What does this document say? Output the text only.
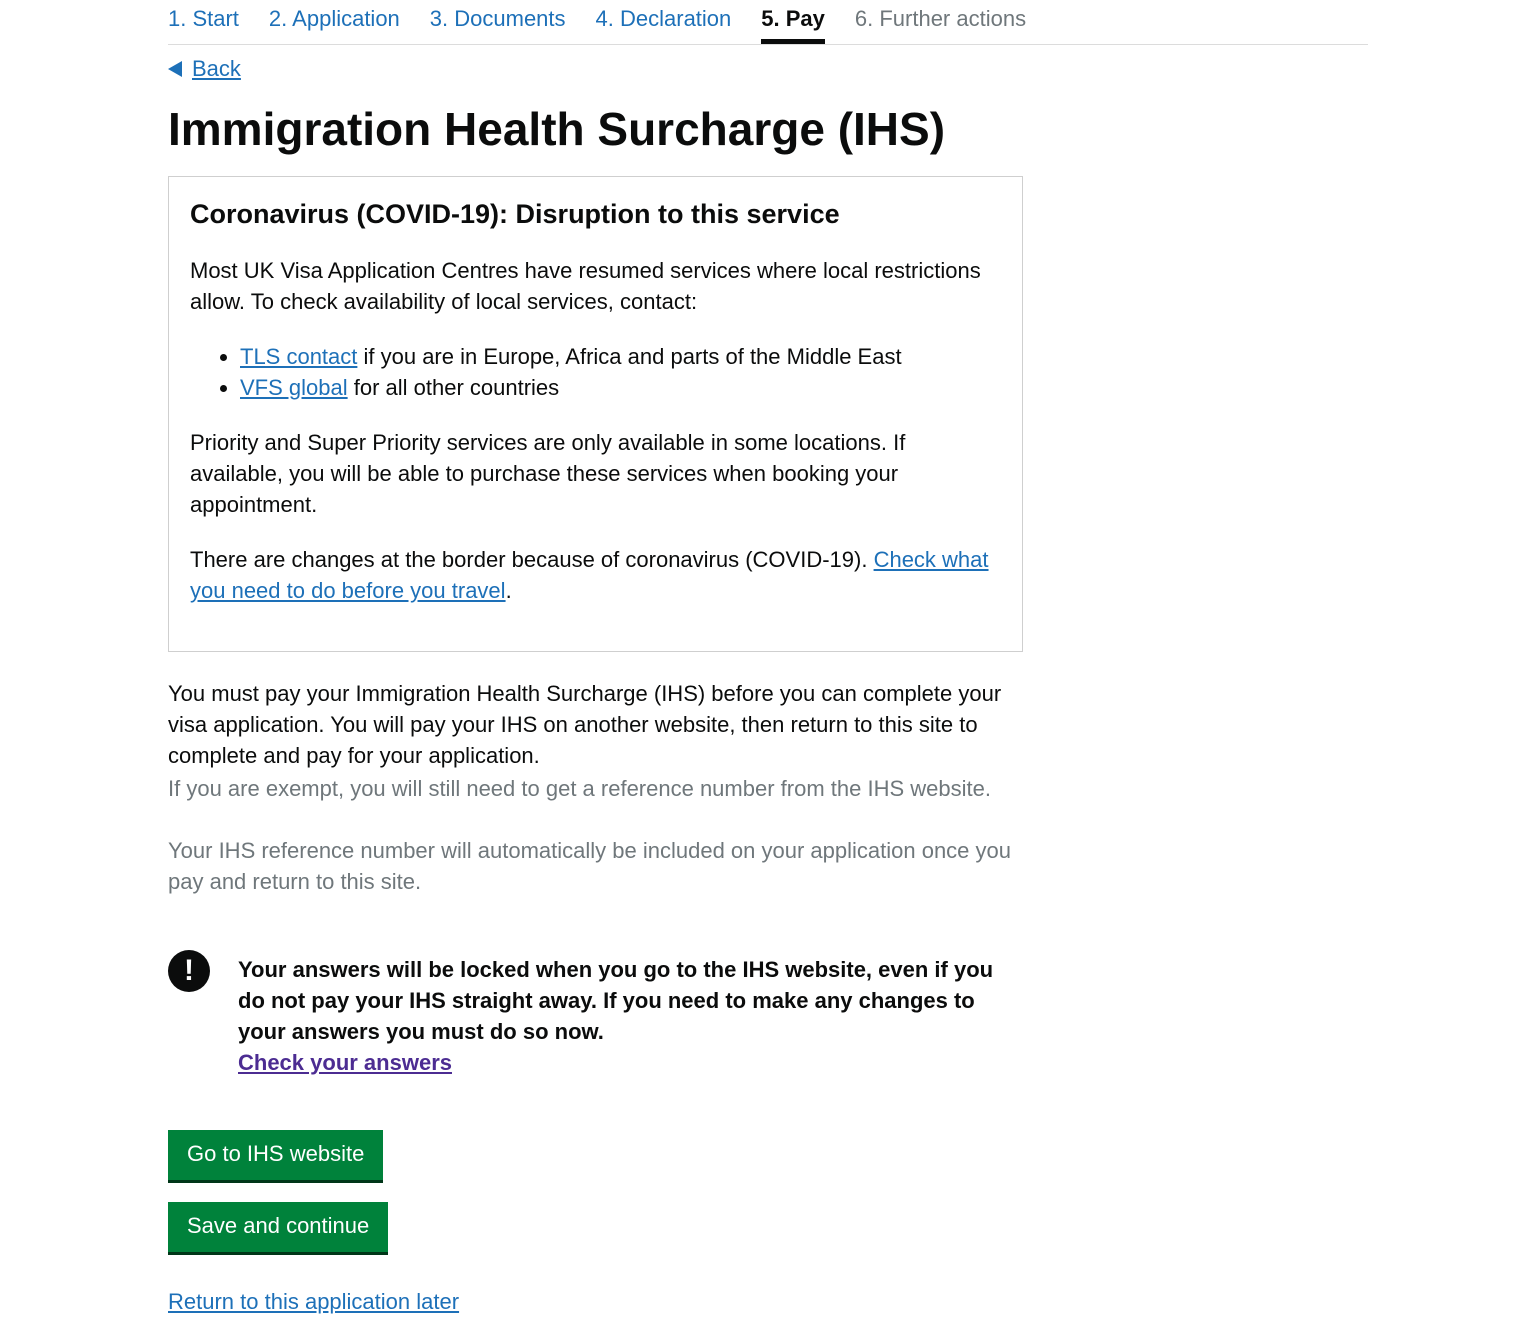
1. Start 2. Application 3. Documents 4. Declaration 5. Pay 6. Further actions
Back
Immigration Health Surcharge (IHS)
Coronavirus (COVID-19): Disruption to this service

Most UK Visa Application Centres have resumed services where local restrictions allow. To check availability of local services, contact:

• TLS contact if you are in Europe, Africa and parts of the Middle East
• VFS global for all other countries

Priority and Super Priority services are only available in some locations. If available, you will be able to purchase these services when booking your appointment.

There are changes at the border because of coronavirus (COVID-19). Check what you need to do before you travel.

You must pay your Immigration Health Surcharge (IHS) before you can complete your visa application. You will pay your IHS on another website, then return to this site to complete and pay for your application.

If you are exempt, you will still need to get a reference number from the IHS website.

Your IHS reference number will automatically be included on your application once you pay and return to this site.

!	Your answers will be locked when you go to the IHS website, even if you do not pay your IHS straight away. If you need to make any changes to your answers you must do so now.

Check your answers
Go to IHS website
Save and continue
Return to this application later
